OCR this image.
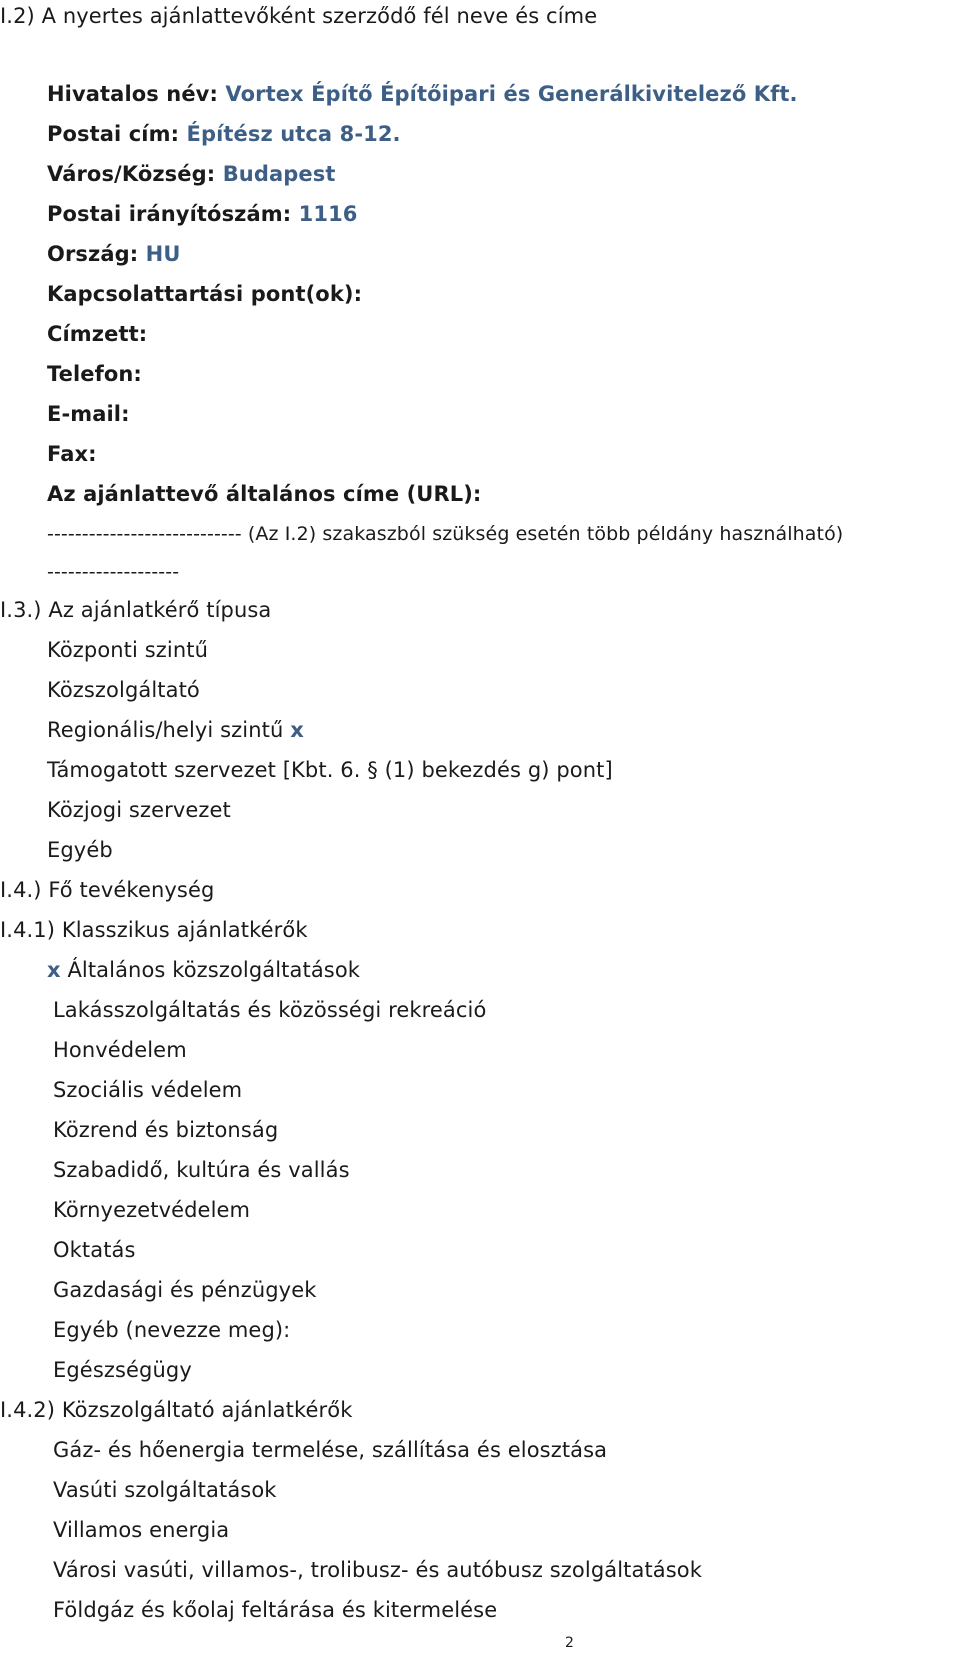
I.2) A nyertes ajánlattevőként szerződő fél neve és címe
Hivatalos név: Vortex Építő Építőipari és Generálkivitelező Kft.
Postai cím: Építész utca 8-12.
Város/Község: Budapest
Postai irányítószám: 1116
Ország: HU
Kapcsolattartási pont(ok):
Címzett:
Telefon:
E-mail:
Fax:
Az ajánlattevő általános címe (URL):
---------------------------- (Az I.2) szakaszból szükség esetén több példány használható)
-------------------
I.3.) Az ajánlatkérő típusa
Központi szintű
Közszolgáltató
Regionális/helyi szintű x
Támogatott szervezet [Kbt. 6. § (1) bekezdés g) pont]
Közjogi szervezet
Egyéb
I.4.) Fő tevékenység
I.4.1) Klasszikus ajánlatkérők
x Általános közszolgáltatások
Lakásszolgáltatás és közösségi rekreáció
Honvédelem
Szociális védelem
Közrend és biztonság
Szabadidő, kultúra és vallás
Környezetvédelem
Oktatás
Gazdasági és pénzügyek
Egyéb (nevezze meg):
Egészségügy
I.4.2) Közszolgáltató ajánlatkérők
Gáz- és hőenergia termelése, szállítása és elosztása
Vasúti szolgáltatások
Villamos energia
Városi vasúti, villamos-, trolibusz- és autóbusz szolgáltatások
Földgáz és kőolaj feltárása és kitermelése
2
